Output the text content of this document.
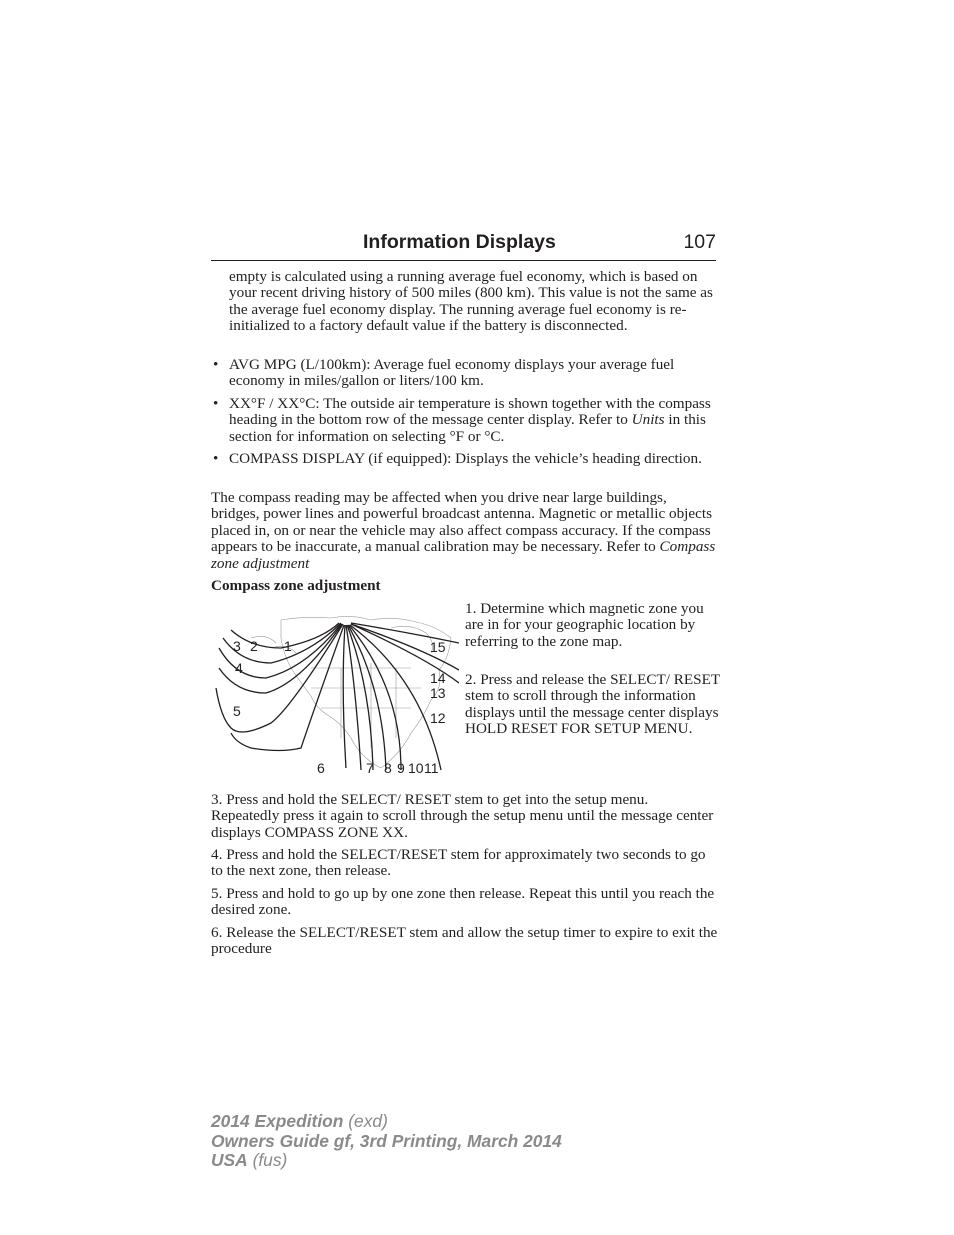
Information Displays	107

empty is calculated using a running average fuel economy, which is based on your recent driving history of 500 miles (800 km). This value is not the same as the average fuel economy display. The running average fuel economy is re-initialized to a factory default value if the battery is disconnected.

• AVG MPG (L/100km): Average fuel economy displays your average fuel economy in miles/gallon or liters/100 km.

• XX°F / XX°C: The outside air temperature is shown together with the compass heading in the bottom row of the message center display. Refer to Units in this section for information on selecting °F or °C.

• COMPASS DISPLAY (if equipped): Displays the vehicle’s heading direction.

The compass reading may be affected when you drive near large buildings, bridges, power lines and powerful broadcast antenna. Magnetic or metallic objects placed in, on or near the vehicle may also affect compass accuracy. If the compass appears to be inaccurate, a manual calibration may be necessary. Refer to Compass zone adjustment

Compass zone adjustment

3 2 1
4
5
6	7 8 9 10 11
12
13
14
15

1. Determine which magnetic zone you are in for your geographic location by referring to the zone map.

2. Press and release the SELECT/ RESET stem to scroll through the information displays until the message center displays HOLD RESET FOR SETUP MENU.

3. Press and hold the SELECT/ RESET stem to get into the setup menu. Repeatedly press it again to scroll through the setup menu until the message center displays COMPASS ZONE XX.

4. Press and hold the SELECT/RESET stem for approximately two seconds to go to the next zone, then release.

5. Press and hold to go up by one zone then release. Repeat this until you reach the desired zone.

6. Release the SELECT/RESET stem and allow the setup timer to expire to exit the procedure

2014 Expedition (exd)
Owners Guide gf, 3rd Printing, March 2014
USA (fus)
